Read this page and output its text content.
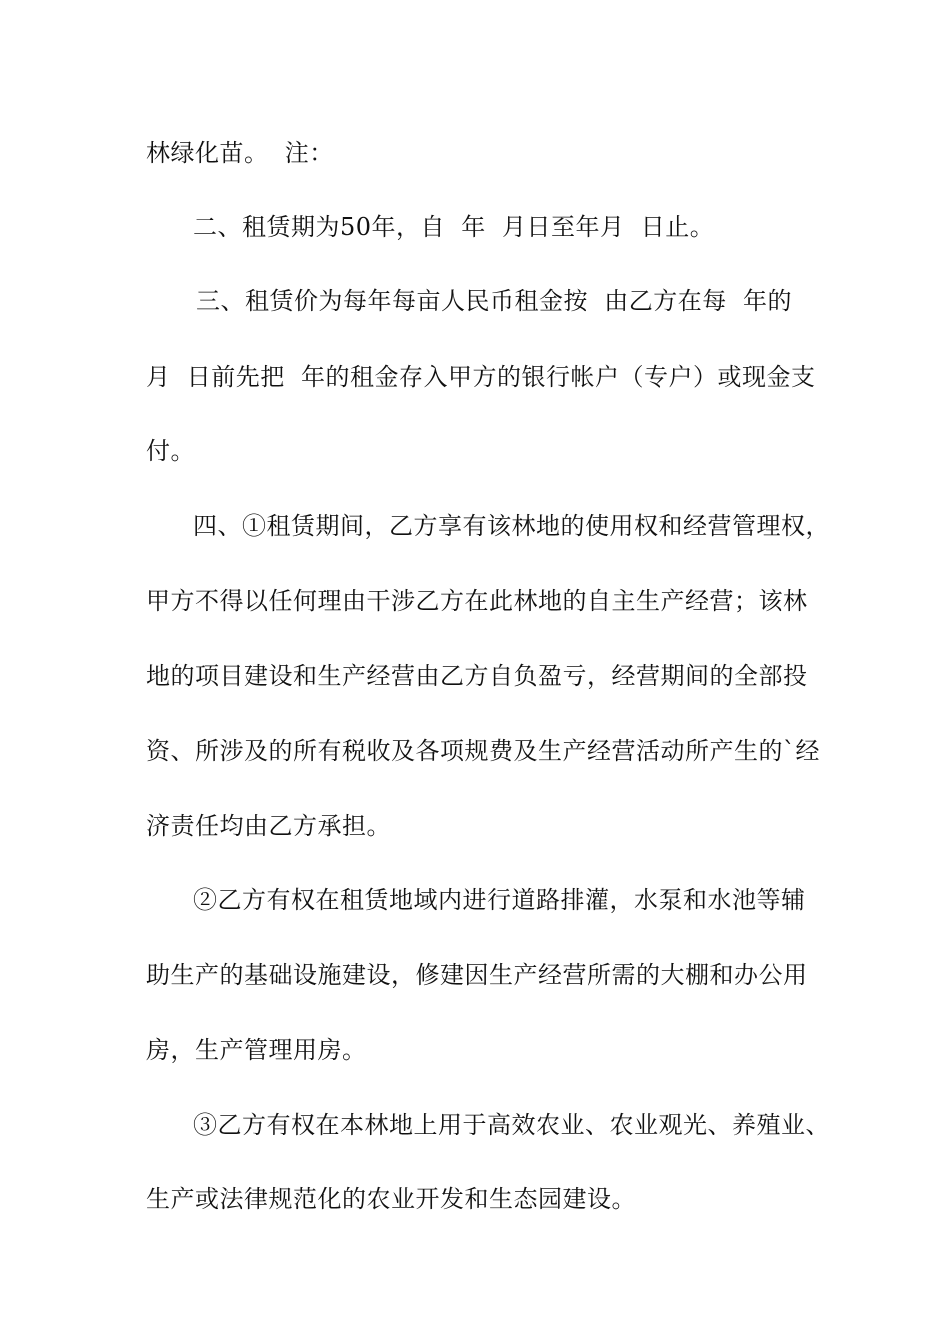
林绿化苗。  注：
二、租赁期为50年，自  年  月日至年月  日止。
三、租赁价为每年每亩人民币租金按  由乙方在每  年的
月  日前先把  年的租金存入甲方的银行帐户（专户）或现金支
付。
四、①租赁期间，乙方享有该林地的使用权和经营管理权，
甲方不得以任何理由干涉乙方在此林地的自主生产经营；该林
地的项目建设和生产经营由乙方自负盈亏，经营期间的全部投
资、所涉及的所有税收及各项规费及生产经营活动所产生的`经
济责任均由乙方承担。
②乙方有权在租赁地域内进行道路排灌，水泵和水池等辅
助生产的基础设施建设，修建因生产经营所需的大棚和办公用
房，生产管理用房。
③乙方有权在本林地上用于高效农业、农业观光、养殖业、
生产或法律规范化的农业开发和生态园建设。
